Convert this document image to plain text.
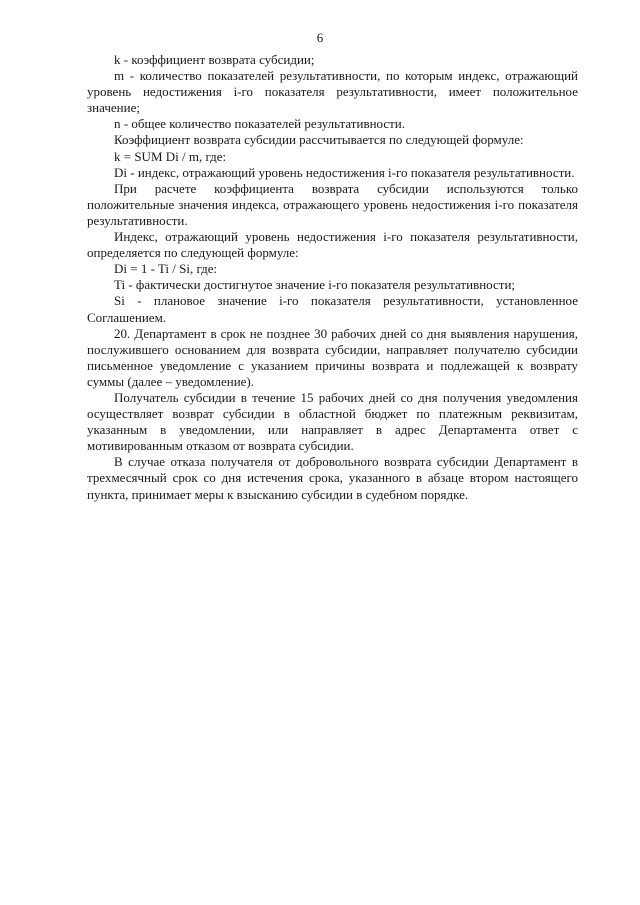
6

k - коэффициент возврата субсидии;

m - количество показателей результативности, по которым индекс, отражающий уровень недостижения i-го показателя результативности, имеет положительное значение;

n - общее количество показателей результативности.

Коэффициент возврата субсидии рассчитывается по следующей формуле:

k = SUM Di / m, где:

Di - индекс, отражающий уровень недостижения i-го показателя результативности.

При расчете коэффициента возврата субсидии используются только положительные значения индекса, отражающего уровень недостижения i-го показателя результативности.

Индекс, отражающий уровень недостижения i-го показателя результативности, определяется по следующей формуле:

Di = 1 - Ti / Si, где:

Ti - фактически достигнутое значение i-го показателя результативности;

Si - плановое значение i-го показателя результативности, установленное Соглашением.

20. Департамент в срок не позднее 30 рабочих дней со дня выявления нарушения, послужившего основанием для возврата субсидии, направляет получателю субсидии письменное уведомление с указанием причины возврата и подлежащей к возврату суммы (далее – уведомление).

Получатель субсидии в течение 15 рабочих дней со дня получения уведомления осуществляет возврат субсидии в областной бюджет по платежным реквизитам, указанным в уведомлении, или направляет в адрес Департамента ответ с мотивированным отказом от возврата субсидии.

В случае отказа получателя от добровольного возврата субсидии Департамент в трехмесячный срок со дня истечения срока, указанного в абзаце втором настоящего пункта, принимает меры к взысканию субсидии в судебном порядке.
